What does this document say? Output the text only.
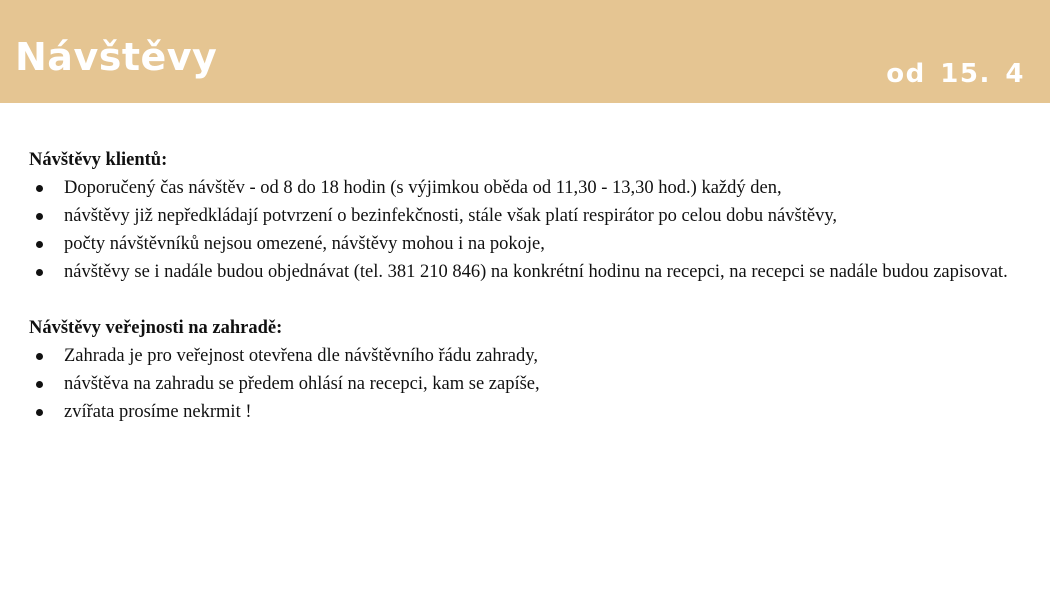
Návštěvy	od 15. 4

Návštěvy klientů:

Doporučený čas návštěv - od 8 do 18 hodin (s výjimkou oběda od 11,30 - 13,30 hod.) každý den,
návštěvy již nepředkládají potvrzení o bezinfekčnosti, stále však platí respirátor po celou dobu návštěvy,
počty návštěvníků nejsou omezené, návštěvy mohou i na pokoje,
návštěvy se i nadále budou objednávat (tel. 381 210 846) na konkrétní hodinu na recepci, na recepci se nadále budou zapisovat.

Návštěvy veřejnosti na zahradě:

Zahrada je pro veřejnost otevřena dle návštěvního řádu zahrady,
návštěva na zahradu se předem ohlásí na recepci, kam se zapíše,
zvířata prosíme nekrmit !
